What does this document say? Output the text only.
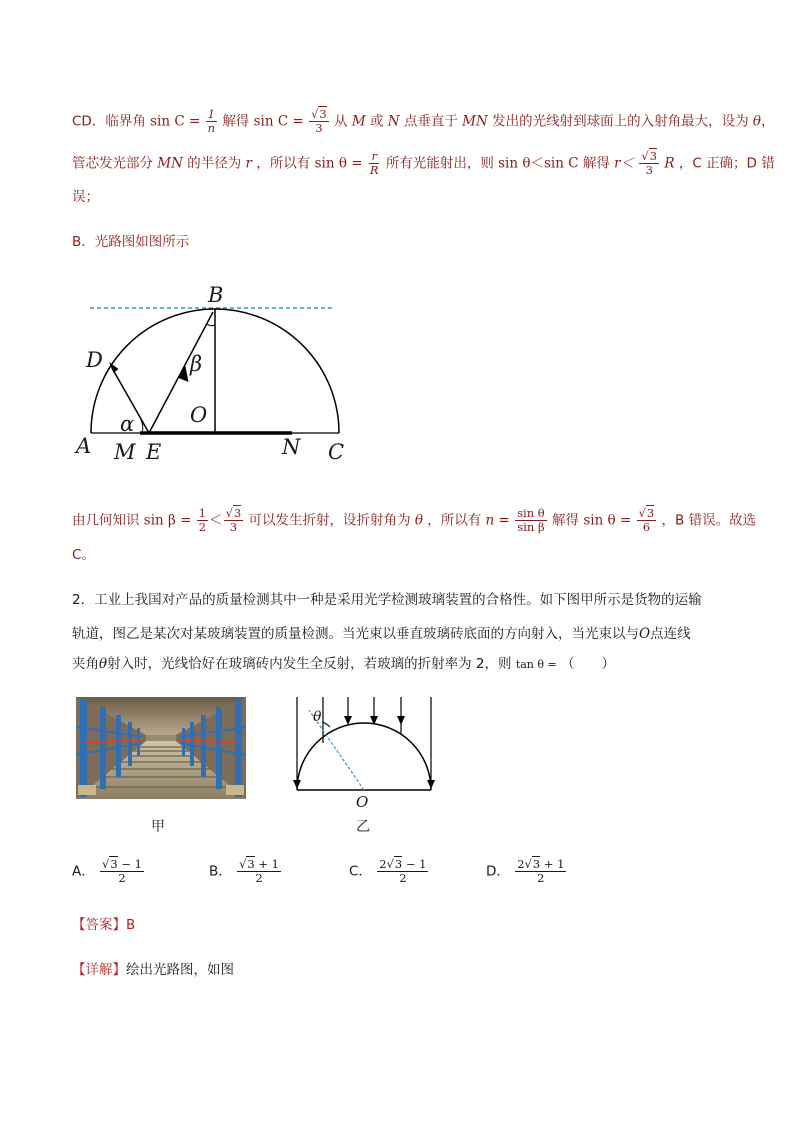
CD．临界角 $\sin C = \frac{1}{n}$ 解得 $\sin C = \frac{√3}{3}$ 从 M 或 N 点垂直于 MN 发出的光线射到球面上的入射角最大，设为 θ，
管芯发光部分 MN 的半径为 r ，所以有 $\sin \theta = \frac{r}{R}$ 所有光能射出，则 sin θ＜sin C 解得 $r< \frac{√3}{3}$ R ，C 正确；D 错
误；
B．光路图如图所示
B
D	β
O
α
A M E	N C
由几何知识 $\sin \beta = \frac{1}{2} < \frac{√3}{3}$ 可以发生折射，设折射角为 θ ，所以有 $n = \frac{\text{sin θ}}{\text{sin β}}$ 解得 $\sin \theta = \frac{√3}{6}$ ，B 错误。故选
C。
2．工业上我国对产品的质量检测其中一种是采用光学检测玻璃装置的合格性。如下图甲所示是货物的运输
轨道，图乙是某次对某玻璃装置的质量检测。当光束以垂直玻璃砖底面的方向射入，当光束以与O点连线
夹角θ射入时，光线恰好在玻璃砖内发生全反射，若玻璃的折射率为 2，则 tan θ = （　　）
甲
θ
O
乙
A． $\frac{√3 - 1}{2}$	B． $\frac{√3 + 1}{2}$	C． $\frac{2√3 - 1}{2}$	D． $\frac{2√3 + 1}{2}$
【答案】B
【详解】绘出光路图，如图
